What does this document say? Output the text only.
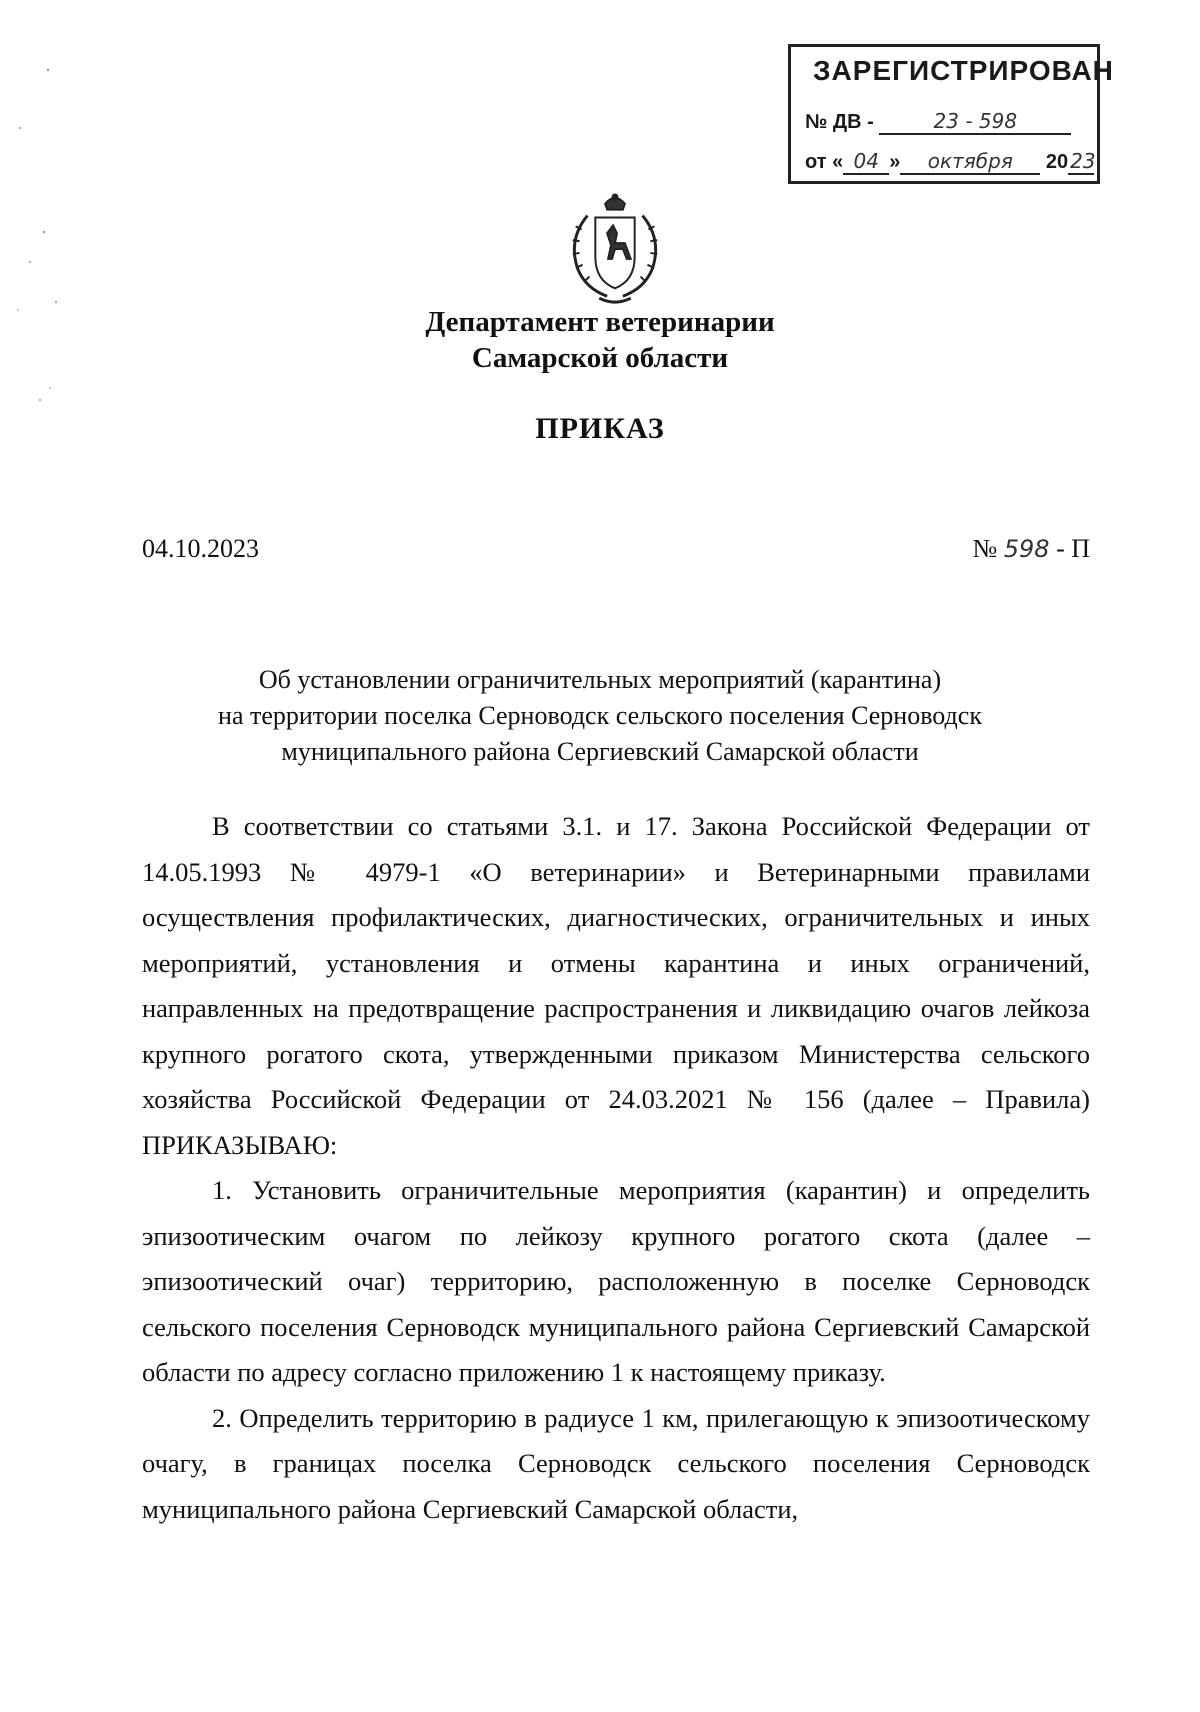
ЗАРЕГИСТРИРОВАН
№ ДВ -	23 - 598
от « 04 » октября 20 23
Департамент ветеринарии
Самарской области
ПРИКАЗ
04.10.2023	№ 598 - П
Об установлении ограничительных мероприятий (карантина)
на территории поселка Серноводск сельского поселения Серноводск
муниципального района Сергиевский Самарской области

В соответствии со статьями 3.1. и 17. Закона Российской Федерации от 14.05.1993 № 4979-1 «О ветеринарии» и Ветеринарными правилами осуществления профилактических, диагностических, ограничительных и иных мероприятий, установления и отмены карантина и иных ограничений, направленных на предотвращение распространения и ликвидацию очагов лейкоза крупного рогатого скота, утвержденными приказом Министерства сельского хозяйства Российской Федерации от 24.03.2021 № 156 (далее – Правила) ПРИКАЗЫВАЮ:

1. Установить ограничительные мероприятия (карантин) и определить эпизоотическим очагом по лейкозу крупного рогатого скота (далее – эпизоотический очаг) территорию, расположенную в поселке Серноводск сельского поселения Серноводск муниципального района Сергиевский Самарской области по адресу согласно приложению 1 к настоящему приказу.

2. Определить территорию в радиусе 1 км, прилегающую к эпизоотическому очагу, в границах поселка Серноводск сельского поселения Серноводск муниципального района Сергиевский Самарской области,
